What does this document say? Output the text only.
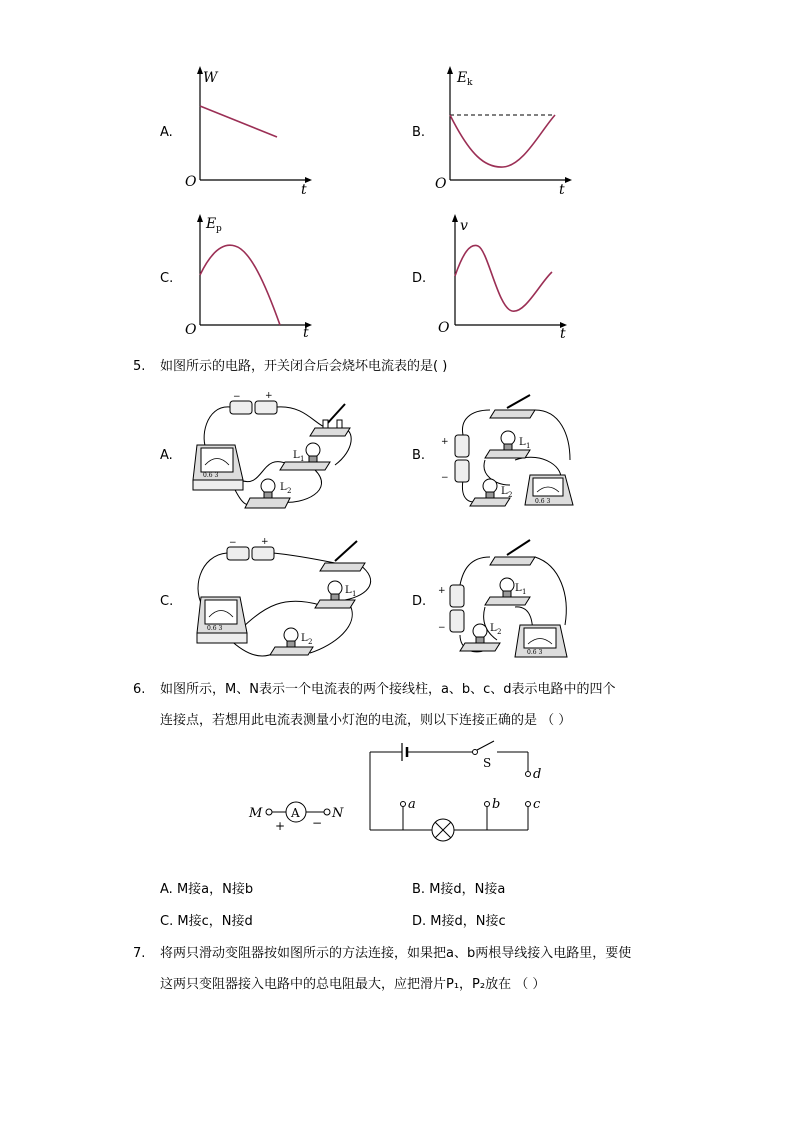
A.
W
t
O
B.
E k
t
O
C.
E p
t
O
D.
v
t
O
5. 如图所示的电路，开关闭合后会烧坏电流表的是( )
A.
−	+
0.6 3
L 1
L 2
B.
+
−
L 1
L 2
0.6 3
C.
−	+
0.6 3
L 1
L 2
D.
+
−
L 1
L 2
0.6 3
6. 如图所示，M、N表示一个电流表的两个接线柱，a、b、c、d表示电路中的四个
连接点，若想用此电流表测量小灯泡的电流，则以下连接正确的是 （ ）
M A N
+ −
S
d
a	b	c
A. M接a，N接b	B. M接d，N接a
C. M接c，N接d	D. M接d，N接c
7. 将两只滑动变阻器按如图所示的方法连接，如果把a、b两根导线接入电路里，要使
这两只变阻器接入电路中的总电阻最大，应把滑片P₁，P₂放在 （ ）
